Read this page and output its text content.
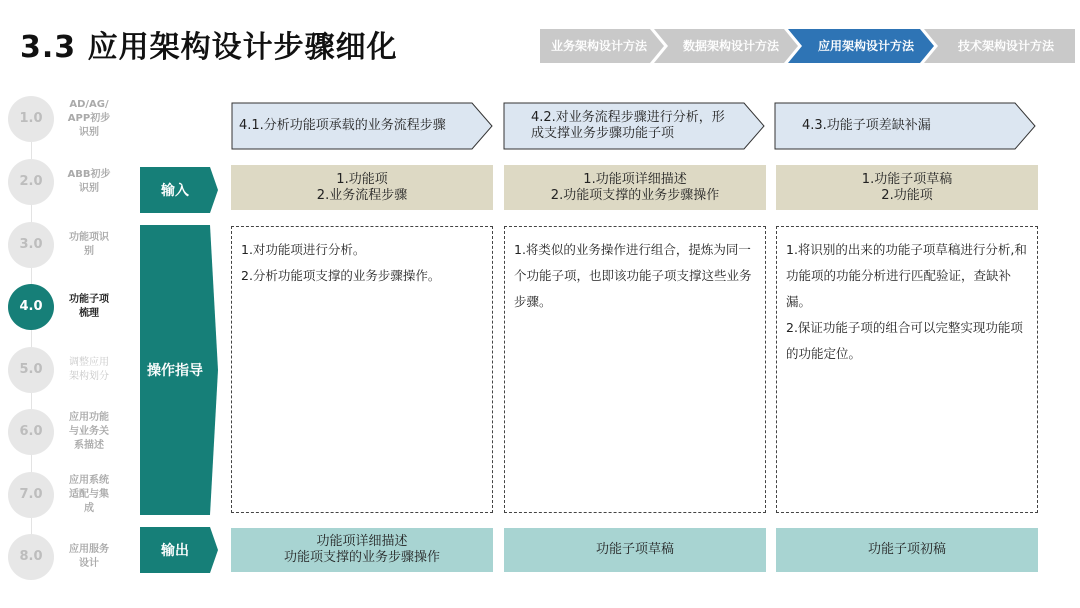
3.3 应用架构设计步骤细化	业务架构设计方法	数据架构设计方法	应用架构设计方法	技术架构设计方法
1.0
AD/AG/
APP初步
识别
2.0	ABB初步
识别
3.0	功能项识
别
4.0	功能子项
梳理
5.0	调整应用
架构划分
6.0
应用功能
与业务关
系描述
7.0
应用系统
适配与集
成
8.0	应用服务
设计
4.1.分析功能项承载的业务流程步骤
4.2.对业务流程步骤进行分析，形
成支撑业务步骤功能子项
4.3.功能子项差缺补漏
输入
操作指导
输出
1.功能项
2.业务流程步骤
1.功能项详细描述
2.功能项支撑的业务步骤操作
1.功能子项草稿
2.功能项
1.对功能项进行分析。
2.分析功能项支撑的业务步骤操作。
1.将类似的业务操作进行组合，提炼为同一个功能子项，也即该功能子项支撑这些业务步骤。
1.将识别的出来的功能子项草稿进行分析,和功能项的功能分析进行匹配验证，查缺补漏。
2.保证功能子项的组合可以完整实现功能项的功能定位。
功能项详细描述
功能项支撑的业务步骤操作
功能子项草稿	功能子项初稿
